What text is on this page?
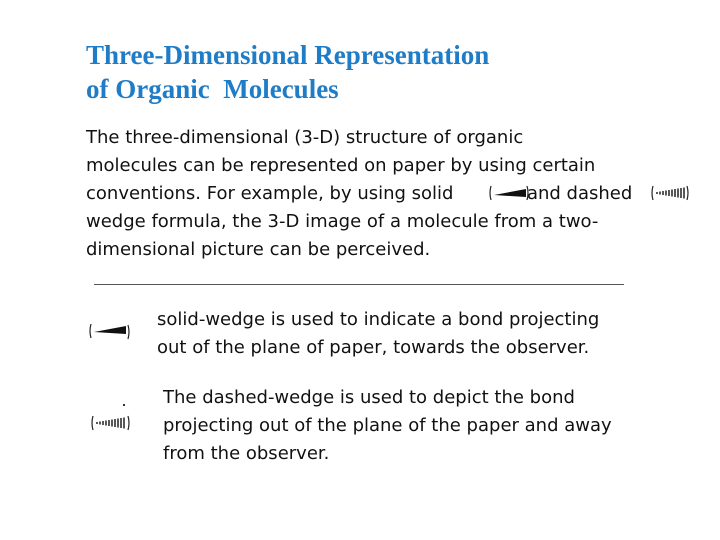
Three-Dimensional Representation
of Organic  Molecules
The three-dimensional (3-D) structure of organic
molecules can be represented on paper by using certain
conventions. For example, by using solid	and dashed
wedge formula, the 3-D image of a molecule from a two-
dimensional picture can be perceived.
solid-wedge is used to indicate a bond projecting
out of the plane of paper, towards the observer.
The dashed-wedge is used to depict the bond
projecting out of the plane of the paper and away
from the observer.
